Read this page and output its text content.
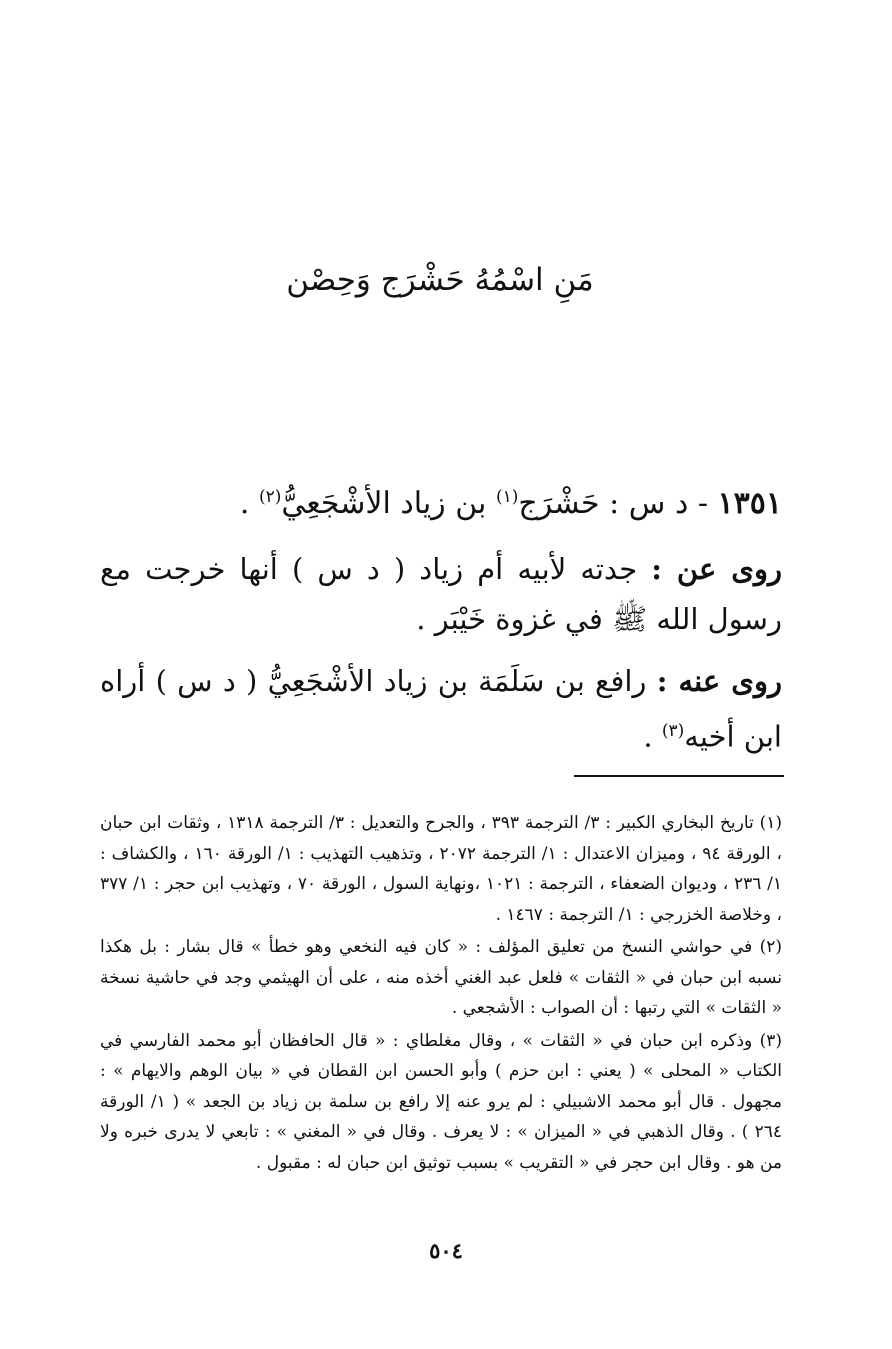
مَنِ اسْمُهُ حَشْرَج وَحِصْن
١٣٥١ - د س : حَشْرَج$^{(١)}$ بن زياد الأشْجَعِيُّ$^{(٢)}$ .
روى عن : جدته لأبيه أم زياد ( د س ) أنها خرجت مع رسول الله ﷺ في غزوة خَيْبَر .
روى عنه : رافع بن سَلَمَة بن زياد الأشْجَعِيُّ ( د س ) أراه ابن أخيه$^{(٣)}$ .

(١) تاريخ البخاري الكبير : ٣/ الترجمة ٣٩٣ ، والجرح والتعديل : ٣/ الترجمة ١٣١٨ ، وثقات ابن حبان ، الورقة ٩٤ ، وميزان الاعتدال : ١/ الترجمة ٢٠٧٢ ، وتذهيب التهذيب : ١/ الورقة ١٦٠ ، والكشاف : ١/ ٢٣٦ ، وديوان الضعفاء ، الترجمة : ١٠٢١ ،ونهاية السول ، الورقة ٧٠ ، وتهذيب ابن حجر : ١/ ٣٧٧ ، وخلاصة الخزرجي : ١/ الترجمة : ١٤٦٧ .

(٢) في حواشي النسخ من تعليق المؤلف : « كان فيه النخعي وهو خطأ » قال بشار : بل هكذا نسبه ابن حبان في « الثقات » فلعل عبد الغني أخذه منه ، على أن الهيثمي وجد في حاشية نسخة « الثقات » التي رتبها : أن الصواب : الأشجعي .

(٣) وذكره ابن حبان في « الثقات » ، وقال مغلطاي : « قال الحافظان أبو محمد الفارسي في الكتاب « المحلى » ( يعني : ابن حزم ) وأبو الحسن ابن القطان في « بيان الوهم والايهام » : مجهول . قال أبو محمد الاشبيلي : لم يرو عنه إلا رافع بن سلمة بن زياد بن الجعد » ( ١/ الورقة ٢٦٤ ) . وقال الذهبي في « الميزان » : لا يعرف . وقال في « المغني » : تابعي لا يدرى خبره ولا من هو . وقال ابن حجر في « التقريب » بسبب توثيق ابن حبان له : مقبول .

٥٠٤
